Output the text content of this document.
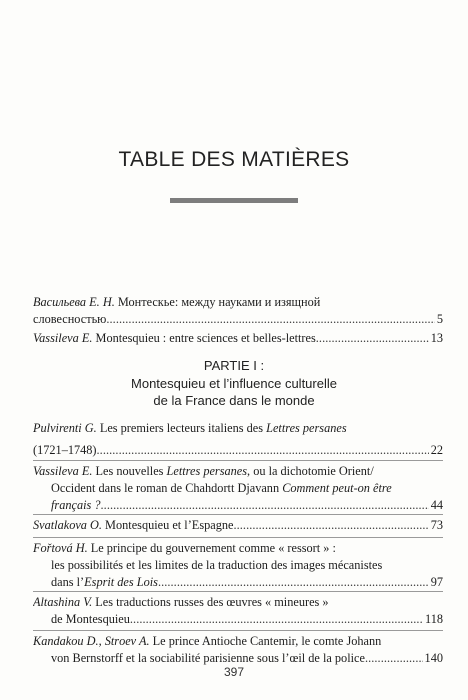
TABLE DES MATIÈRES
Васильева Е. Н. Монтескье: между науками и изящной
словесностью . . .	5
Vassileva E. Montesquieu : entre sciences et belles-lettres . . .	13
PARTIE I :
Montesquieu et l’influence culturelle
de la France dans le monde
Pulvirenti G. Les premiers lecteurs italiens des Lettres persanes
(1721–1748) . . .	22
Vassileva E. Les nouvelles Lettres persanes, ou la dichotomie Orient/
Occident dans le roman de Chahdortt Djavann Comment peut-on être
français ? . . .	44
Svatlakova O. Montesquieu et l’Espagne . . .	73
Fořtová H. Le principe du gouvernement comme « ressort » :
les possibilités et les limites de la traduction des images mécanistes
dans l’Esprit des Lois . . .	97
Altashina V. Les traductions russes des œuvres « mineures »
de Montesquieu . . .	118
Kandakou D., Strоev A. Le prince Antioche Cantemir, le comte Johann
von Bernstorff et la sociabilité parisienne sous l’œil de la police . . .	140
397
